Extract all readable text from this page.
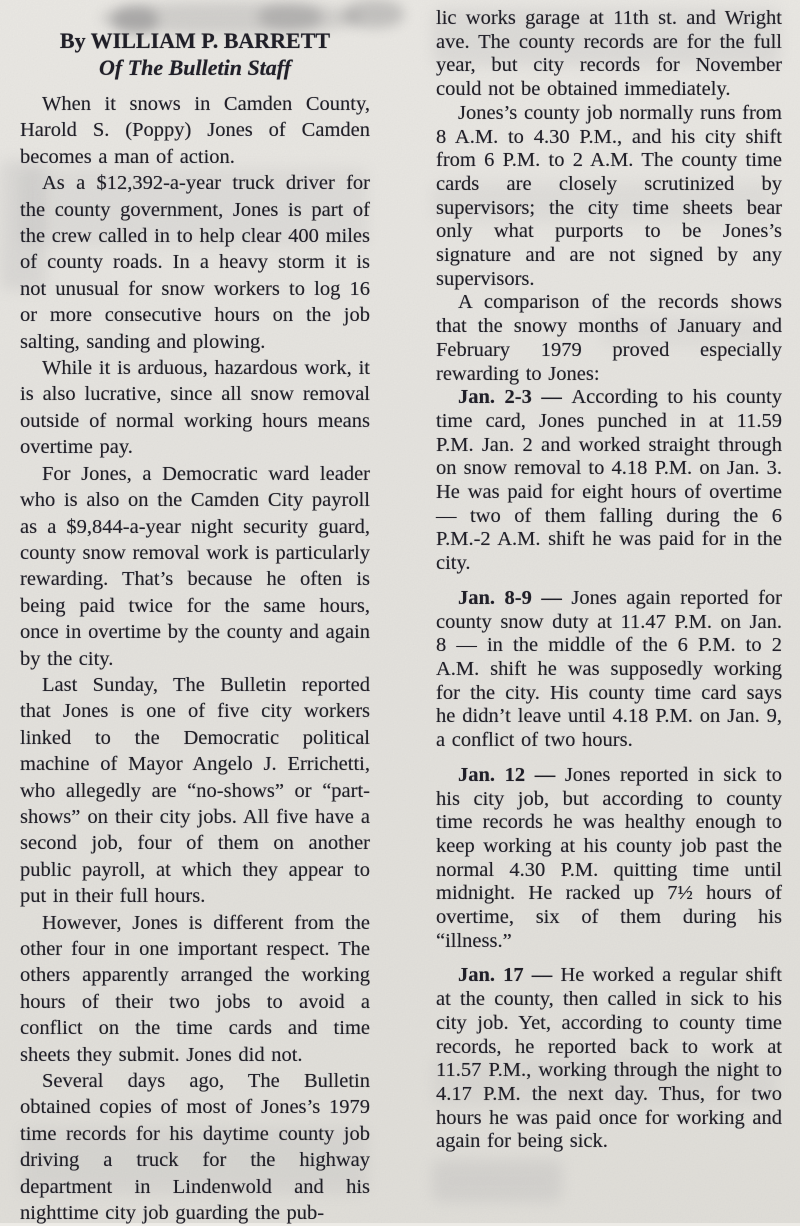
By WILLIAM P. BARRETT
Of The Bulletin Staff

When it snows in Camden County, Harold S. (Poppy) Jones of Camden becomes a man of action.

As a $12,392-a-year truck driver for the county government, Jones is part of the crew called in to help clear 400 miles of county roads. In a heavy storm it is not unusual for snow workers to log 16 or more consecutive hours on the job salting, sanding and plowing.

While it is arduous, hazardous work, it is also lucrative, since all snow removal outside of normal working hours means overtime pay.

For Jones, a Democratic ward leader who is also on the Camden City payroll as a $9,844-a-year night security guard, county snow removal work is particularly rewarding. That’s because he often is being paid twice for the same hours, once in overtime by the county and again by the city.

Last Sunday, The Bulletin reported that Jones is one of five city workers linked to the Democratic political machine of Mayor Angelo J. Errichetti, who allegedly are “no-shows” or “part-shows” on their city jobs. All five have a second job, four of them on another public payroll, at which they appear to put in their full hours.

However, Jones is different from the other four in one important respect. The others apparently arranged the working hours of their two jobs to avoid a conflict on the time cards and time sheets they submit. Jones did not.

Several days ago, The Bulletin obtained copies of most of Jones’s 1979 time records for his daytime county job driving a truck for the highway department in Lindenwold and his nighttime city job guarding the pub-

lic works garage at 11th st. and Wright ave. The county records are for the full year, but city records for November could not be obtained immediately.

Jones’s county job normally runs from 8 A.M. to 4.30 P.M., and his city shift from 6 P.M. to 2 A.M. The county time cards are closely scrutinized by supervisors; the city time sheets bear only what purports to be Jones’s signature and are not signed by any supervisors.

A comparison of the records shows that the snowy months of January and February 1979 proved especially rewarding to Jones:

Jan. 2-3 — According to his county time card, Jones punched in at 11.59 P.M. Jan. 2 and worked straight through on snow removal to 4.18 P.M. on Jan. 3. He was paid for eight hours of overtime — two of them falling during the 6 P.M.-2 A.M. shift he was paid for in the city.

Jan. 8-9 — Jones again reported for county snow duty at 11.47 P.M. on Jan. 8 — in the middle of the 6 P.M. to 2 A.M. shift he was supposedly working for the city. His county time card says he didn’t leave until 4.18 P.M. on Jan. 9, a conflict of two hours.

Jan. 12 — Jones reported in sick to his city job, but according to county time records he was healthy enough to keep working at his county job past the normal 4.30 P.M. quitting time until midnight. He racked up 7½ hours of overtime, six of them during his “illness.”

Jan. 17 — He worked a regular shift at the county, then called in sick to his city job. Yet, according to county time records, he reported back to work at 11.57 P.M., working through the night to 4.17 P.M. the next day. Thus, for two hours he was paid once for working and again for being sick.
